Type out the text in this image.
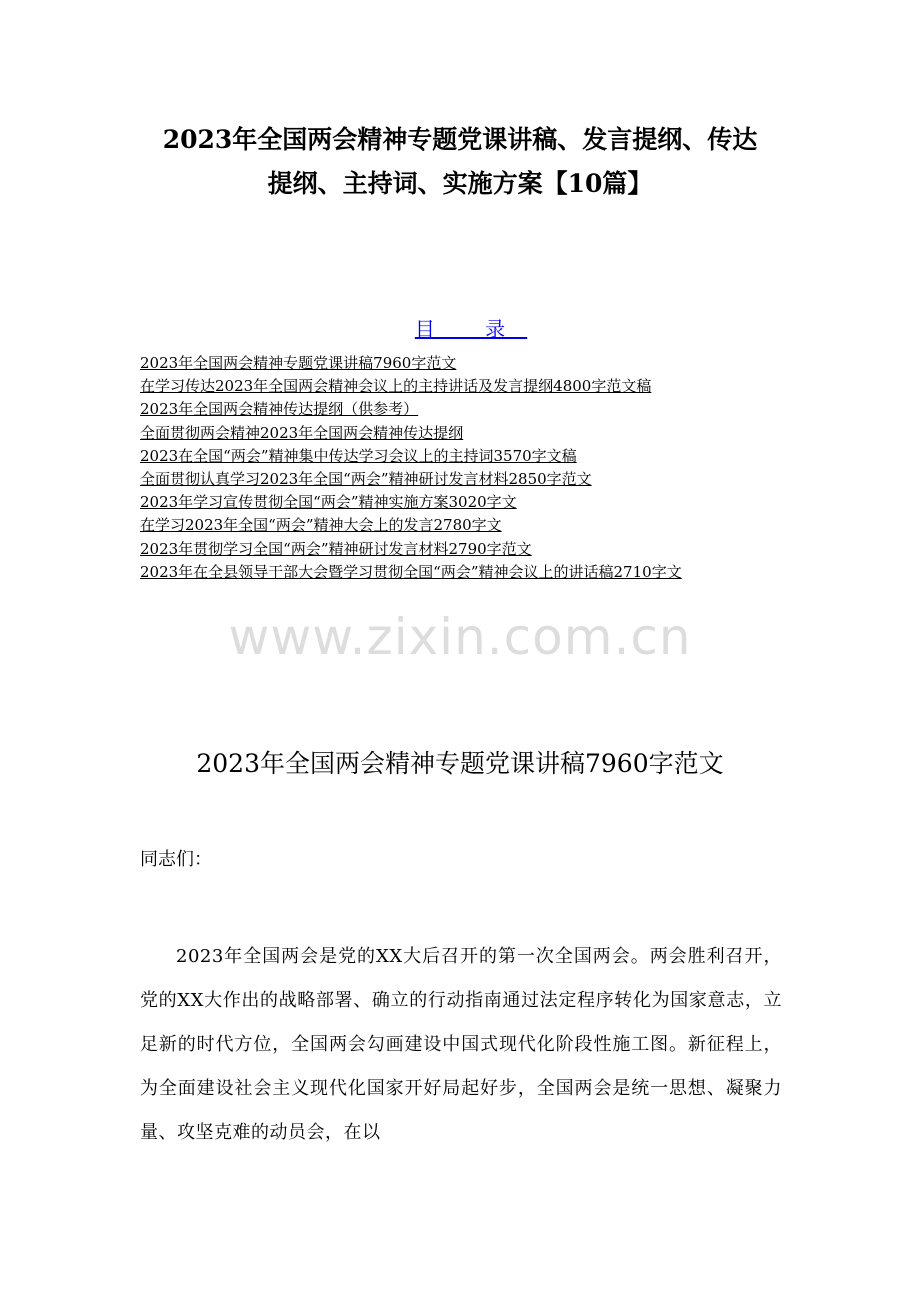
2023年全国两会精神专题党课讲稿、发言提纲、传达
提纲、主持词、实施方案【10篇】
目 录
2023年全国两会精神专题党课讲稿7960字范文
在学习传达2023年全国两会精神会议上的主持讲话及发言提纲4800字范文稿
2023年全国两会精神传达提纲（供参考）
全面贯彻两会精神2023年全国两会精神传达提纲
2023在全国“两会”精神集中传达学习会议上的主持词3570字文稿
全面贯彻认真学习2023年全国“两会”精神研讨发言材料2850字范文
2023年学习宣传贯彻全国“两会”精神实施方案3020字文
在学习2023年全国“两会”精神大会上的发言2780字文
2023年贯彻学习全国“两会”精神研讨发言材料2790字范文
2023年在全县领导干部大会暨学习贯彻全国“两会”精神会议上的讲话稿2710字文
www.zixin.com.cn
2023年全国两会精神专题党课讲稿7960字范文
同志们：

2023年全国两会是党的XX大后召开的第一次全国两会。两会胜利召开，党的XX大作出的战略部署、确立的行动指南通过法定程序转化为国家意志，立足新的时代方位，全国两会勾画建设中国式现代化阶段性施工图。新征程上，为全面建设社会主义现代化国家开好局起好步，全国两会是统一思想、凝聚力量、攻坚克难的动员会，在以
